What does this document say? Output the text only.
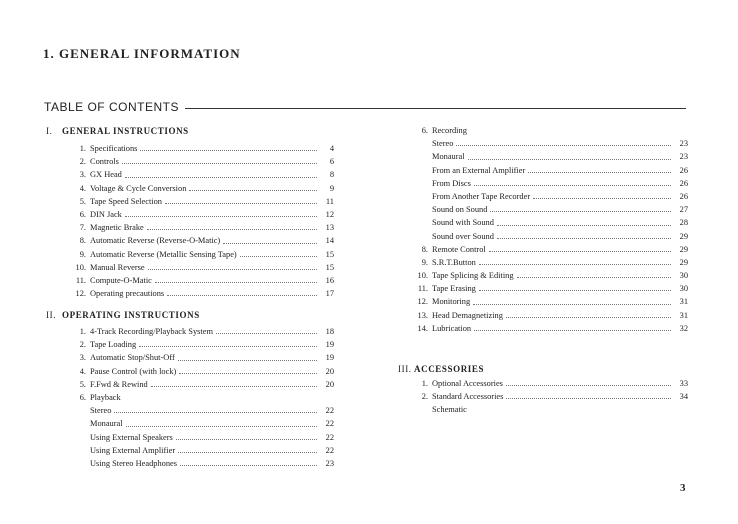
1. GENERAL INFORMATION
TABLE OF CONTENTS
I. GENERAL INSTRUCTIONS
1. Specifications	4
2. Controls	6
3. GX Head	8
4. Voltage & Cycle Conversion	9
5. Tape Speed Selection	11
6. DIN Jack	12
7. Magnetic Brake	13
8. Automatic Reverse (Reverse-O-Matic)	14
9. Automatic Reverse (Metallic Sensing Tape)	15
10. Manual Reverse	15
11. Compute-O-Matic	16
12. Operating precautions	17
II. OPERATING INSTRUCTIONS
1. 4-Track Recording/Playback System	18
2. Tape Loading	19
3. Automatic Stop/Shut-Off	19
4. Pause Control (with lock)	20
5. F.Fwd & Rewind	20
6. Playback
Stereo	22
Monaural	22
Using External Speakers	22
Using External Amplifier	22
Using Stereo Headphones	23
6. Recording
Stereo	23
Monaural	23
From an External Amplifier	26
From Discs	26
From Another Tape Recorder	26
Sound on Sound	27
Sound with Sound	28
Sound over Sound	29
8. Remote Control	29
9. S.R.T.Button	29
10. Tape Splicing & Editing	30
11. Tape Erasing	30
12. Monitoring	31
13. Head Demagnetizing	31
14. Lubrication	32
III. ACCESSORIES
1. Optional Accessories	33
2. Standard Accessories	34
Schematic
3
